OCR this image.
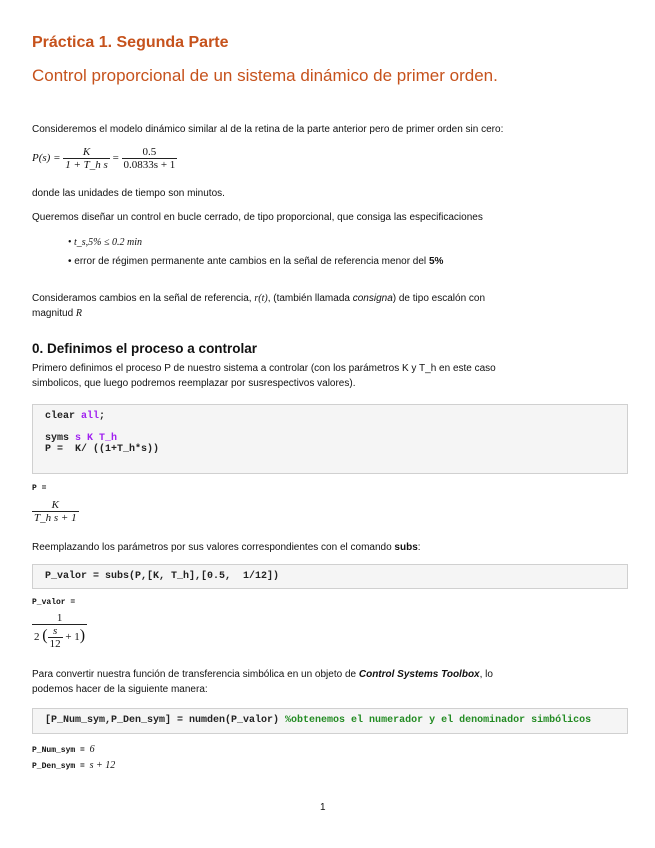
Práctica 1. Segunda Parte
Control proporcional de un sistema dinámico de primer orden.
Consideremos el modelo dinámico similar al de la retina de la parte anterior pero de primer orden sin cero:
$P(s) = \frac{K}{\text{1 + T\_h s}} = \frac{0.5}{0.0833s + 1}$
donde las unidades de tiempo son minutos.
Queremos diseñar un control en bucle cerrado, de tipo proporcional, que consiga las especificaciones
• t_s,5% ≤ 0.2 min
• error de régimen permanente ante cambios en la señal de referencia menor del 5%
Consideramos cambios en la señal de referencia, r(t), (también llamada consigna) de tipo escalón con
magnitud R
0. Definimos el proceso a controlar
Primero definimos el proceso P de nuestro sistema a controlar (con los parámetros K y T_h en este caso
simbolicos, que luego podremos reemplazar por susrespectivos valores).
clear all;

syms s K T_h
P =  K/ ((1+T_h*s))
P =
$\frac{K}{\text{T\_h s + 1}}$
Reemplazando los parámetros por sus valores correspondientes con el comando subs:
P_valor = subs(P,[K, T_h],[0.5,  1/12])
P_valor =
$\frac{1}{2 ( \frac{s}{12} + 1)}$
Para convertir nuestra función de transferencia simbólica en un objeto de Control Systems Toolbox, lo
podemos hacer de la siguiente manera:
[P_Num_sym,P_Den_sym] = numden(P_valor) %obtenemos el numerador y el denominador simbólicos
P_Num_sym = 6
P_Den_sym = s + 12
1
